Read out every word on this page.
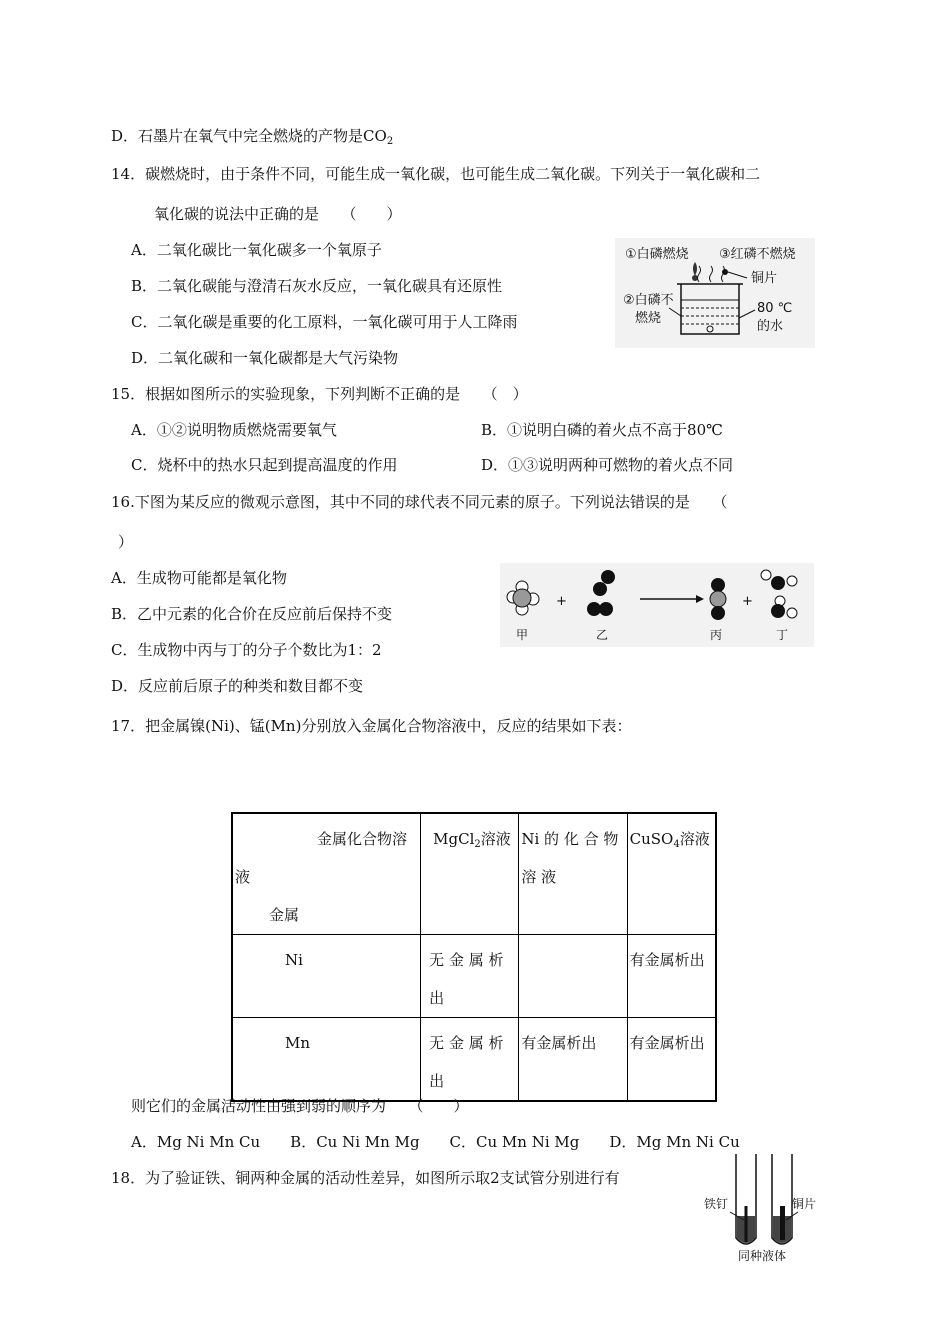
D．石墨片在氧气中完全燃烧的产物是$CO_2$
14．碳燃烧时，由于条件不同，可能生成一氧化碳，也可能生成二氧化碳。下列关于一氧化碳和二
氧化碳的说法中正确的是　　（　　）
A．二氧化碳比一氧化碳多一个氧原子
B．二氧化碳能与澄清石灰水反应，一氧化碳具有还原性
C．二氧化碳是重要的化工原料，一氧化碳可用于人工降雨
D．二氧化碳和一氧化碳都是大气污染物
①白磷燃烧 ③红磷不燃烧
铜片
②白磷不
燃烧
80 ℃
的水
15．根据如图所示的实验现象，下列判断不正确的是　　（　）
A．①②说明物质燃烧需要氧气	B．①说明白磷的着火点不高于80℃
C．烧杯中的热水只起到提高温度的作用	D．①③说明两种可燃物的着火点不同
16.下图为某反应的微观示意图，其中不同的球代表不同元素的原子。下列说法错误的是　　（
）
A．生成物可能都是氧化物
B．乙中元素的化合价在反应前后保持不变
C．生成物中丙与丁的分子个数比为1：2
D．反应前后原子的种类和数目都不变
+	+
甲	乙	丙	丁
17．把金属镍(Ni)、锰(Mn)分别放入金属化合物溶液中，反应的结果如下表：
金属化合物溶
液
金属	MgCl$_2$溶液	Ni 的 化 合 物 溶 液	CuSO$_4$溶液
Ni	无 金 属 析 出		有金属析出
Mn	无 金 属 析 出	有金属析出	有金属析出
则它们的金属活动性由强到弱的顺序为　　（　　）
A．Mg Ni Mn Cu　　B．Cu Ni Mn Mg　　C．Cu Mn Ni Mg　　D．Mg Mn Ni Cu
18．为了验证铁、铜两种金属的活动性差异，如图所示取2支试管分别进行有
铁钉	铜片
同种液体
